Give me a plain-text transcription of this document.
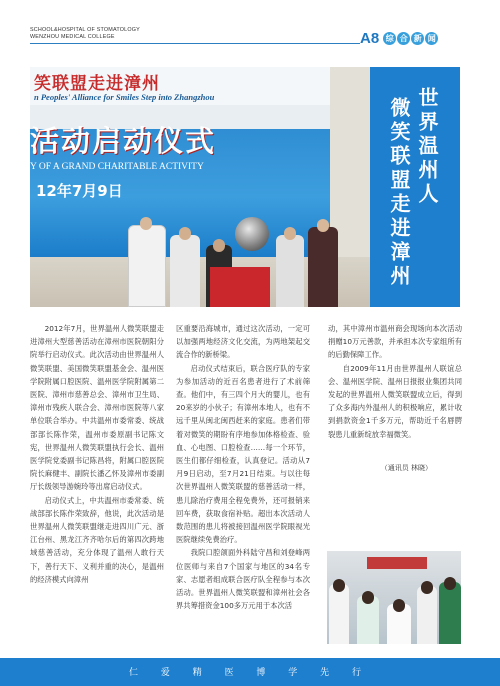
SCHOOL&HOSPITAL OF STOMATOLOGY
WENZHOU MEDICAL COLLEGE	A8 综 合 新 闻
笑联盟走进漳州
n Peoples' Alliance for Smiles Step into Zhangzhou
活动启动仪式
Y OF A GRAND CHARITABLE ACTIVITY
12年7月9日	世界温州人
微笑联盟走进漳州

2012年7月，世界温州人微笑联盟走进漳州大型慈善活动在漳州市医院朝阳分院举行启动仪式。此次活动由世界温州人微笑联盟、美国微笑联盟基金会、温州医学院附属口腔医院、温州医学院附属第二医院、漳州市慈善总会、漳州市卫生局、漳州市残疾人联合会、漳州市医院等八家单位联合举办。中共温州市委常委、统战部部长陈作荣，温州市委原副书记陈文宪，世界温州人微笑联盟执行会长、温州医学院党委副书记陈昌将，附属口腔医院院长麻健丰、副院长潘乙怀及漳州市委副厅长级领导游婉玲等出席启动仪式。

启动仪式上，中共温州市委常委、统战部部长陈作荣致辞，他说，此次活动是世界温州人微笑联盟继走进四川广元、浙江台州、黑龙江齐齐哈尔后的第四次跨地域慈善活动，充分体现了温州人敢行天下，善行天下、义利并重的决心，是温州的经济模式向漳州

区重要沿海城市，通过这次活动，一定可以加强两地经济文化交流，为两地架起交流合作的新桥梁。

启动仪式结束后，联合医疗队的专家为参加活动的近百名患者进行了术前筛查。他们中，有三四个月大的婴儿，也有20来岁的小伙子；有漳州本地人，也有不远千里从闽北闽西赶来的家庭。患者们带着对微笑的期盼有序地参加体格检查、验血、心电图、口腔检查……每一个环节，医生们都仔细检查，认真登记。活动从7月9日启动，至7月21日结束。与以往每次世界温州人微笑联盟的慈善活动一样，患儿除治疗费用全程免费外，还可报销来回车费，获取食宿补贴。超出本次活动人数范围的患儿将被接回温州医学院眼视光医院继续免费治疗。

我院口腔颌面外科陆守昌和刘登峰两位医师与来自7个国家与地区的34名专家、志愿者组成联合医疗队全程参与本次活动。世界温州人微笑联盟和漳州社会各界共筹措资金100多万元用于本次活

动，其中漳州市温州商会现场向本次活动捐赠10万元善款，并承担本次专家组所有的后勤保障工作。

自2009年11月由世界温州人联谊总会、温州医学院、温州日报报业集团共同发起的世界温州人微笑联盟成立后，得到了众多海内外温州人的积极响应，累计收到捐款资金1千多万元，帮助近千名唇腭裂患儿重新绽放幸福微笑。

（通讯员 林晓）
仁 爱 精 医 博 学 先 行
